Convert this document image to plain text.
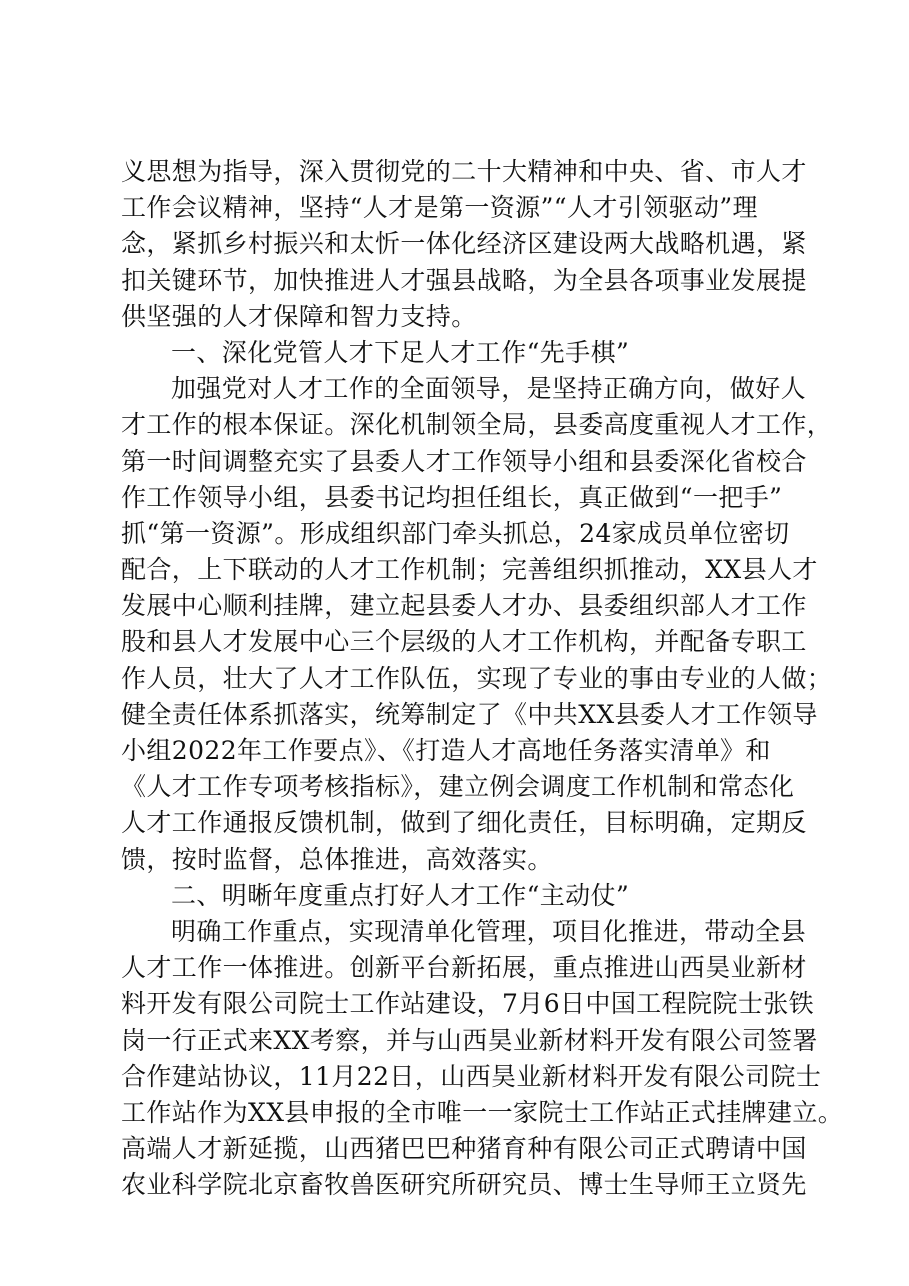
义思想为指导，深入贯彻党的二十大精神和中央、省、市人才
工作会议精神，坚持“人才是第一资源”“人才引领驱动”理
念，紧抓乡村振兴和太忻一体化经济区建设两大战略机遇，紧
扣关键环节，加快推进人才强县战略，为全县各项事业发展提
供坚强的人才保障和智力支持。
一、深化党管人才下足人才工作“先手棋”
加强党对人才工作的全面领导，是坚持正确方向，做好人
才工作的根本保证。深化机制领全局，县委高度重视人才工作，
第一时间调整充实了县委人才工作领导小组和县委深化省校合
作工作领导小组，县委书记均担任组长，真正做到“一把手”
抓“第一资源”。形成组织部门牵头抓总，24家成员单位密切
配合，上下联动的人才工作机制；完善组织抓推动，XX县人才
发展中心顺利挂牌，建立起县委人才办、县委组织部人才工作
股和县人才发展中心三个层级的人才工作机构，并配备专职工
作人员，壮大了人才工作队伍，实现了专业的事由专业的人做；
健全责任体系抓落实，统筹制定了《中共XX县委人才工作领导
小组2022年工作要点》、《打造人才高地任务落实清单》和
《人才工作专项考核指标》，建立例会调度工作机制和常态化
人才工作通报反馈机制，做到了细化责任，目标明确，定期反
馈，按时监督，总体推进，高效落实。
二、明晰年度重点打好人才工作“主动仗”
明确工作重点，实现清单化管理，项目化推进，带动全县
人才工作一体推进。创新平台新拓展，重点推进山西昊业新材
料开发有限公司院士工作站建设，7月6日中国工程院院士张铁
岗一行正式来XX考察，并与山西昊业新材料开发有限公司签署
合作建站协议，11月22日，山西昊业新材料开发有限公司院士
工作站作为XX县申报的全市唯一一家院士工作站正式挂牌建立。
高端人才新延揽，山西猪巴巴种猪育种有限公司正式聘请中国
农业科学院北京畜牧兽医研究所研究员、博士生导师王立贤先
